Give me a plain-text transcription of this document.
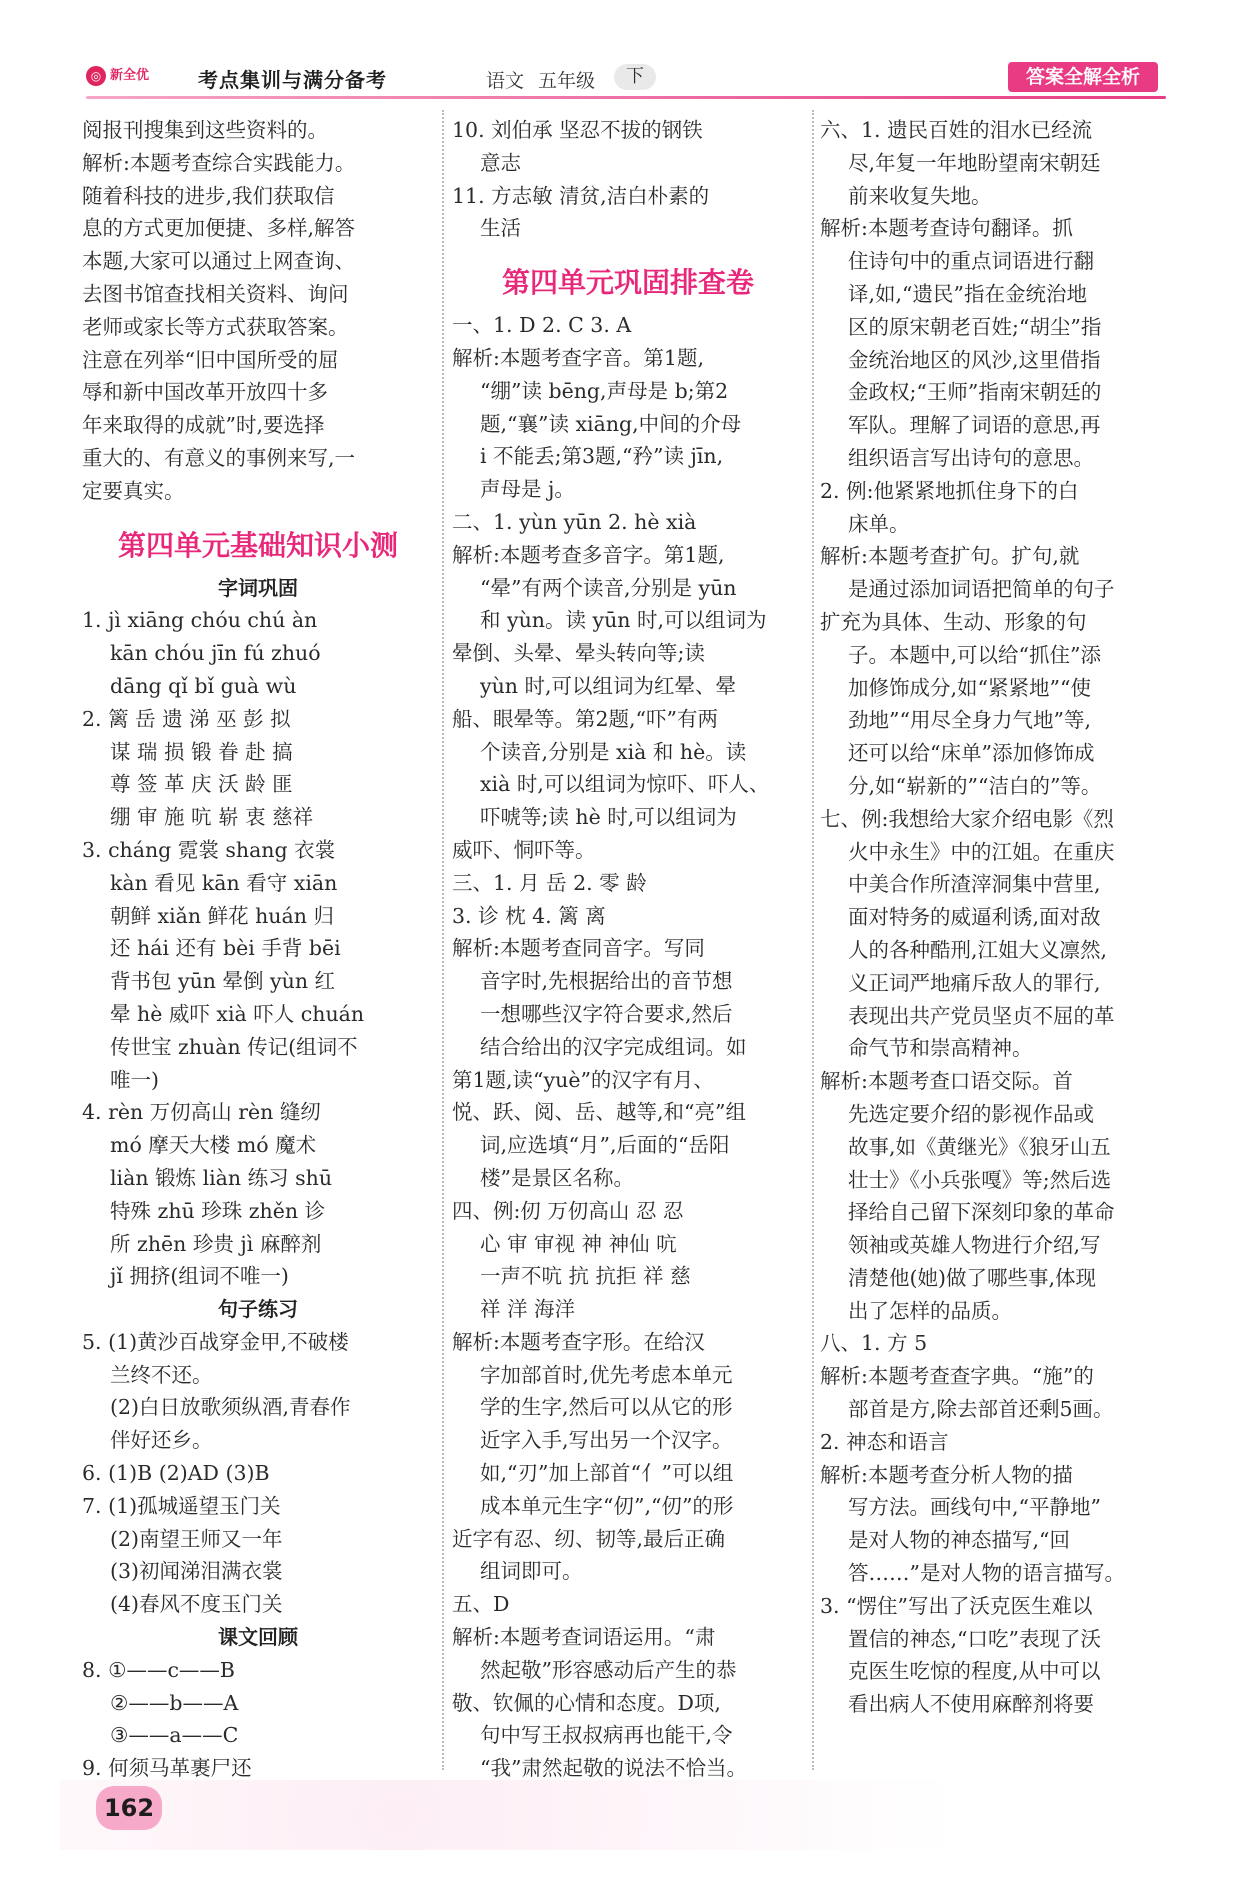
◎ 新全优	考点集训与满分备考	语文 五年级	下	答案全解全析

阅报刊搜集到这些资料的。

解析:本题考查综合实践能力。

随着科技的进步,我们获取信

息的方式更加便捷、多样,解答

本题,大家可以通过上网查询、

去图书馆查找相关资料、询问

老师或家长等方式获取答案。

注意在列举“旧中国所受的屈

辱和新中国改革开放四十多

年来取得的成就”时,要选择

重大的、有意义的事例来写,一

定要真实。

第四单元基础知识小测

字词巩固

1. jì xiāng chóu chú àn

kān chóu jīn fú zhuó

dāng qǐ bǐ guà wù

2. 篱 岳 遗 涕 巫 彭 拟

谋 瑞 损 锻 眷 赴 搞

尊 签 革 庆 沃 龄 匪

绷 审 施 吭 崭 衷 慈祥

3. cháng 霓裳 shang 衣裳

kàn 看见 kān 看守 xiān

朝鲜 xiǎn 鲜花 huán 归

还 hái 还有 bèi 手背 bēi

背书包 yūn 晕倒 yùn 红

晕 hè 威吓 xià 吓人 chuán

传世宝 zhuàn 传记(组词不

唯一)

4. rèn 万仞高山 rèn 缝纫

mó 摩天大楼 mó 魔术

liàn 锻炼 liàn 练习 shū

特殊 zhū 珍珠 zhěn 诊

所 zhēn 珍贵 jì 麻醉剂

jǐ 拥挤(组词不唯一)

句子练习

5. (1)黄沙百战穿金甲,不破楼

兰终不还。

(2)白日放歌须纵酒,青春作

伴好还乡。

6. (1)B (2)AD (3)B

7. (1)孤城遥望玉门关

(2)南望王师又一年

(3)初闻涕泪满衣裳

(4)春风不度玉门关

课文回顾

8. ①——c——B

②——b——A

③——a——C

9. 何须马革裹尸还

10. 刘伯承 坚忍不拔的钢铁

意志

11. 方志敏 清贫,洁白朴素的

生活

第四单元巩固排查卷

一、1. D 2. C 3. A

解析:本题考查字音。第1题,

“绷”读 bēng,声母是 b;第2

题,“襄”读 xiāng,中间的介母

i 不能丢;第3题,“矜”读 jīn,

声母是 j。

二、1. yùn yūn 2. hè xià

解析:本题考查多音字。第1题,

“晕”有两个读音,分别是 yūn

和 yùn。读 yūn 时,可以组词为

晕倒、头晕、晕头转向等;读

yùn 时,可以组词为红晕、晕

船、眼晕等。第2题,“吓”有两

个读音,分别是 xià 和 hè。读

xià 时,可以组词为惊吓、吓人、

吓唬等;读 hè 时,可以组词为

威吓、恫吓等。

三、1. 月 岳 2. 零 龄

3. 诊 枕 4. 篱 离

解析:本题考查同音字。写同

音字时,先根据给出的音节想

一想哪些汉字符合要求,然后

结合给出的汉字完成组词。如

第1题,读“yuè”的汉字有月、

悦、跃、阅、岳、越等,和“亮”组

词,应选填“月”,后面的“岳阳

楼”是景区名称。

四、例:仞 万仞高山 忍 忍

心 审 审视 神 神仙 吭

一声不吭 抗 抗拒 祥 慈

祥 洋 海洋

解析:本题考查字形。在给汉

字加部首时,优先考虑本单元

学的生字,然后可以从它的形

近字入手,写出另一个汉字。

如,“刃”加上部首“亻”可以组

成本单元生字“仞”,“仞”的形

近字有忍、纫、韧等,最后正确

组词即可。

五、D

解析:本题考查词语运用。“肃

然起敬”形容感动后产生的恭

敬、钦佩的心情和态度。D项,

句中写王叔叔病再也能干,令

“我”肃然起敬的说法不恰当。

六、1. 遗民百姓的泪水已经流

尽,年复一年地盼望南宋朝廷

前来收复失地。

解析:本题考查诗句翻译。抓

住诗句中的重点词语进行翻

译,如,“遗民”指在金统治地

区的原宋朝老百姓;“胡尘”指

金统治地区的风沙,这里借指

金政权;“王师”指南宋朝廷的

军队。理解了词语的意思,再

组织语言写出诗句的意思。

2. 例:他紧紧地抓住身下的白

床单。

解析:本题考查扩句。扩句,就

是通过添加词语把简单的句子

扩充为具体、生动、形象的句

子。本题中,可以给“抓住”添

加修饰成分,如“紧紧地”“使

劲地”“用尽全身力气地”等,

还可以给“床单”添加修饰成

分,如“崭新的”“洁白的”等。

七、例:我想给大家介绍电影《烈

火中永生》中的江姐。在重庆

中美合作所渣滓洞集中营里,

面对特务的威逼利诱,面对敌

人的各种酷刑,江姐大义凛然,

义正词严地痛斥敌人的罪行,

表现出共产党员坚贞不屈的革

命气节和崇高精神。

解析:本题考查口语交际。首

先选定要介绍的影视作品或

故事,如《黄继光》《狼牙山五

壮士》《小兵张嘎》等;然后选

择给自己留下深刻印象的革命

领袖或英雄人物进行介绍,写

清楚他(她)做了哪些事,体现

出了怎样的品质。

八、1. 方 5

解析:本题考查查字典。“施”的

部首是方,除去部首还剩5画。

2. 神态和语言

解析:本题考查分析人物的描

写方法。画线句中,“平静地”

是对人物的神态描写,“回

答……”是对人物的语言描写。

3. “愣住”写出了沃克医生难以

置信的神态,“口吃”表现了沃

克医生吃惊的程度,从中可以

看出病人不使用麻醉剂将要

162
